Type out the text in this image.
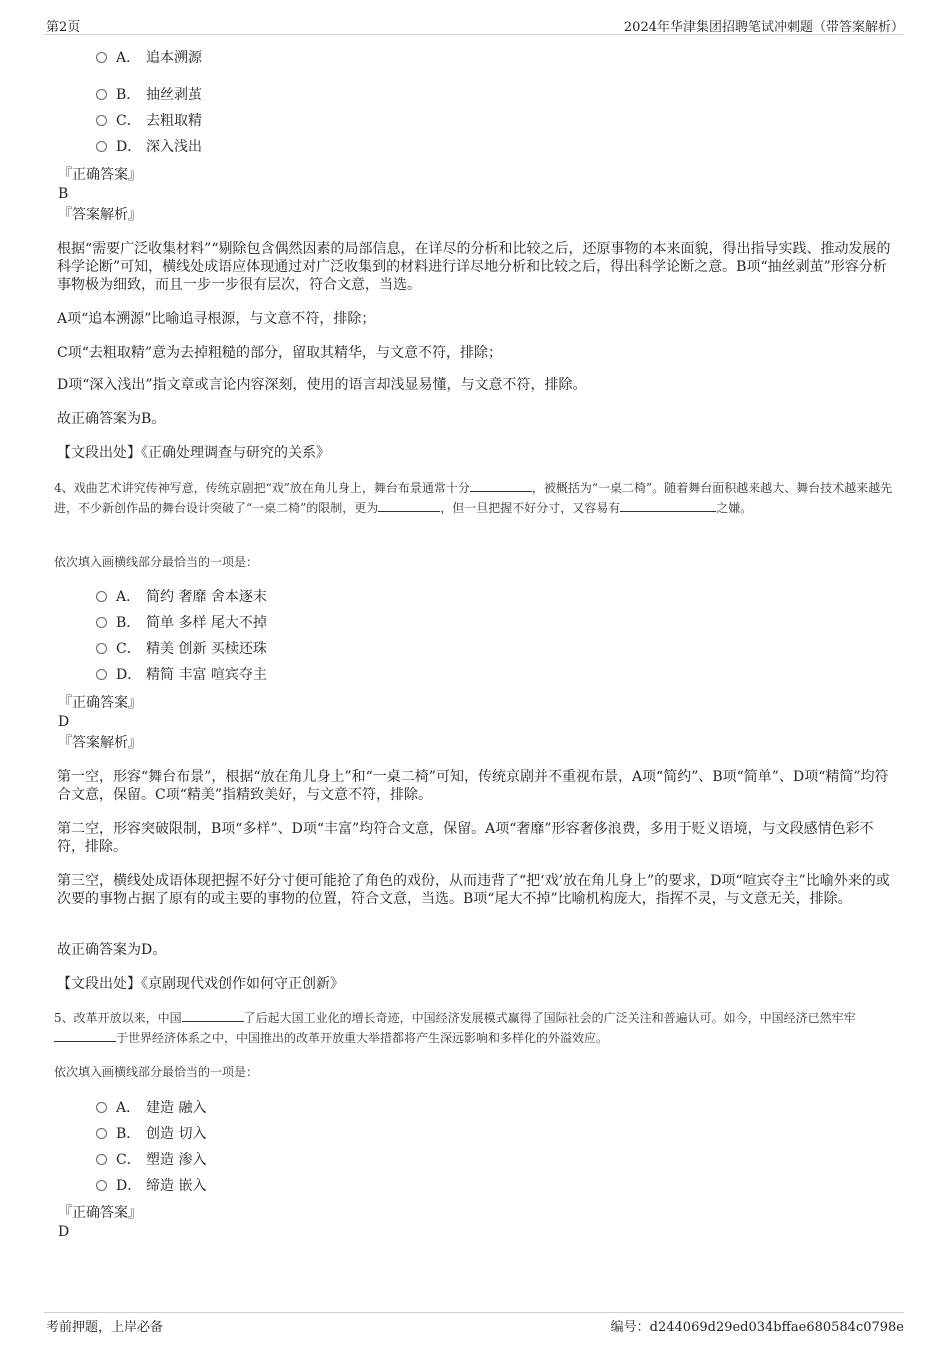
第2页	2024年华津集团招聘笔试冲刺题（带答案解析）
A． 追本溯源
B． 抽丝剥茧
C． 去粗取精
D． 深入浅出
『正确答案』
B
『答案解析』
根据“需要广泛收集材料”“剔除包含偶然因素的局部信息，在详尽的分析和比较之后，还原事物的本来面貌，得出指导实践、推动发展的科学论断”可知，横线处成语应体现通过对广泛收集到的材料进行详尽地分析和比较之后，得出科学论断之意。B项“抽丝剥茧”形容分析事物极为细致，而且一步一步很有层次，符合文意，当选。
A项“追本溯源”比喻追寻根源，与文意不符，排除；
C项“去粗取精”意为去掉粗糙的部分，留取其精华，与文意不符，排除；
D项“深入浅出”指文章或言论内容深刻，使用的语言却浅显易懂，与文意不符，排除。
故正确答案为B。
【文段出处】《正确处理调查与研究的关系》
4、戏曲艺术讲究传神写意，传统京剧把“戏”放在角儿身上，舞台布景通常十分	，被概括为“一桌二椅”。随着舞台面积越来越大、舞台技术越来越先进，不少新创作品的舞台设计突破了“一桌二椅”的限制，更为	，但一旦把握不好分寸，又容易有	之嫌。
依次填入画横线部分最恰当的一项是：
A． 简约 奢靡 舍本逐末
B． 简单 多样 尾大不掉
C． 精美 创新 买椟还珠
D． 精简 丰富 喧宾夺主
『正确答案』
D
『答案解析』
第一空，形容“舞台布景”，根据“放在角儿身上”和“一桌二椅”可知，传统京剧并不重视布景，A项“简约”、B项“简单”、D项“精简”均符合文意，保留。C项“精美”指精致美好，与文意不符，排除。
第二空，形容突破限制，B项“多样”、D项“丰富”均符合文意，保留。A项“奢靡”形容奢侈浪费，多用于贬义语境，与文段感情色彩不符，排除。
第三空，横线处成语体现把握不好分寸便可能抢了角色的戏份，从而违背了“把‘戏’放在角儿身上”的要求，D项“喧宾夺主”比喻外来的或次要的事物占据了原有的或主要的事物的位置，符合文意，当选。B项“尾大不掉”比喻机构庞大，指挥不灵，与文意无关，排除。
故正确答案为D。
【文段出处】《京剧现代戏创作如何守正创新》
5、改革开放以来，中国	了后起大国工业化的增长奇迹，中国经济发展模式赢得了国际社会的广泛关注和普遍认可。如今，中国经济已然牢牢于世界经济体系之中，中国推出的改革开放重大举措都将产生深远影响和多样化的外溢效应。
依次填入画横线部分最恰当的一项是：
A． 建造 融入
B． 创造 切入
C． 塑造 渗入
D． 缔造 嵌入
『正确答案』
D
考前押题，上岸必备	编号：d244069d29ed034bffae680584c0798e
